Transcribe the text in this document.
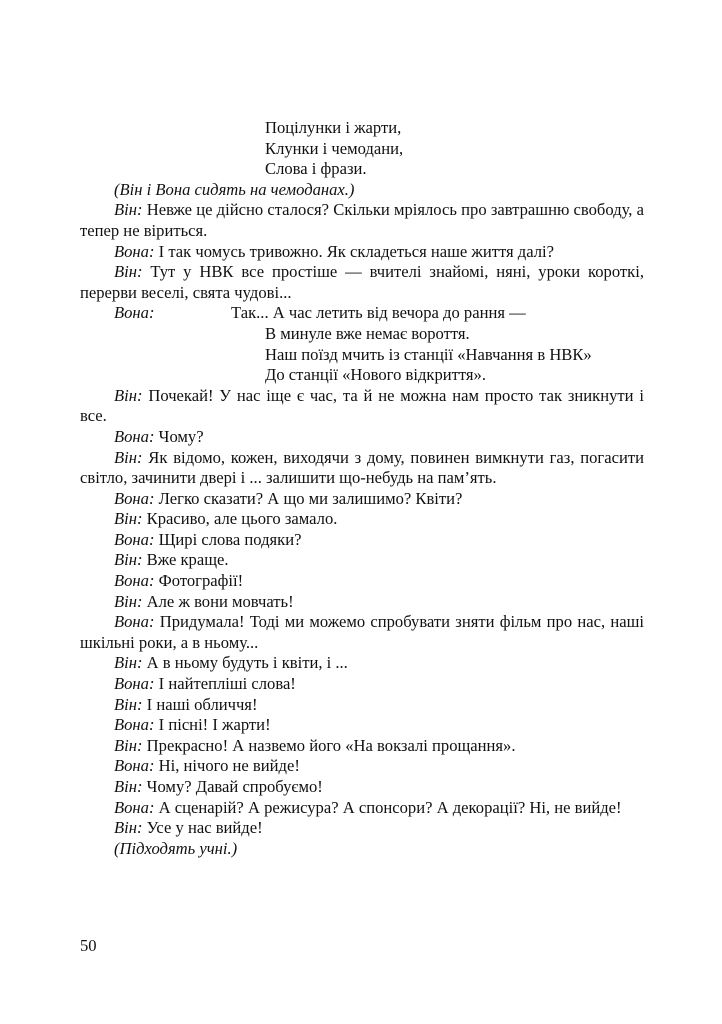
Поцілунки і жарти,

Клунки і чемодани,

Слова і фрази.

(Він і Вона сидять на чемоданах.)

Він: Невже це дійсно сталося? Скільки мріялось про завтрашню свободу, а тепер не віриться.

Вона: І так чомусь тривожно. Як складеться наше життя далі?

Він: Тут у НВК все простіше — вчителі знайомі, няні, уроки короткі, перерви веселі, свята чудові...

Вона:	Так... А час летить від вечора до рання —

В минуле вже немає вороття.

Наш поїзд мчить із станції «Навчання в НВК»

До станції «Нового відкриття».

Він: Почекай! У нас іще є час, та й не можна нам просто так зникнути і все.

Вона: Чому?

Він: Як відомо, кожен, виходячи з дому, повинен вимкнути газ, погасити світло, зачинити двері і ... залишити що-небудь на пам’ять.

Вона: Легко сказати? А що ми залишимо? Квіти?

Він: Красиво, але цього замало.

Вона: Щирі слова подяки?

Він: Вже краще.

Вона: Фотографії!

Він: Але ж вони мовчать!

Вона: Придумала! Тоді ми можемо спробувати зняти фільм про нас, наші шкільні роки, а в ньому...

Він: А в ньому будуть і квіти, і ...

Вона: І найтепліші слова!

Він: І наші обличчя!

Вона: І пісні! І жарти!

Він: Прекрасно! А назвемо його «На вокзалі прощання».

Вона: Ні, нічого не вийде!

Він: Чому? Давай спробуємо!

Вона: А сценарій? А режисура? А спонсори? А декорації? Ні, не вийде!

Він: Усе у нас вийде!

(Підходять учні.)

50
